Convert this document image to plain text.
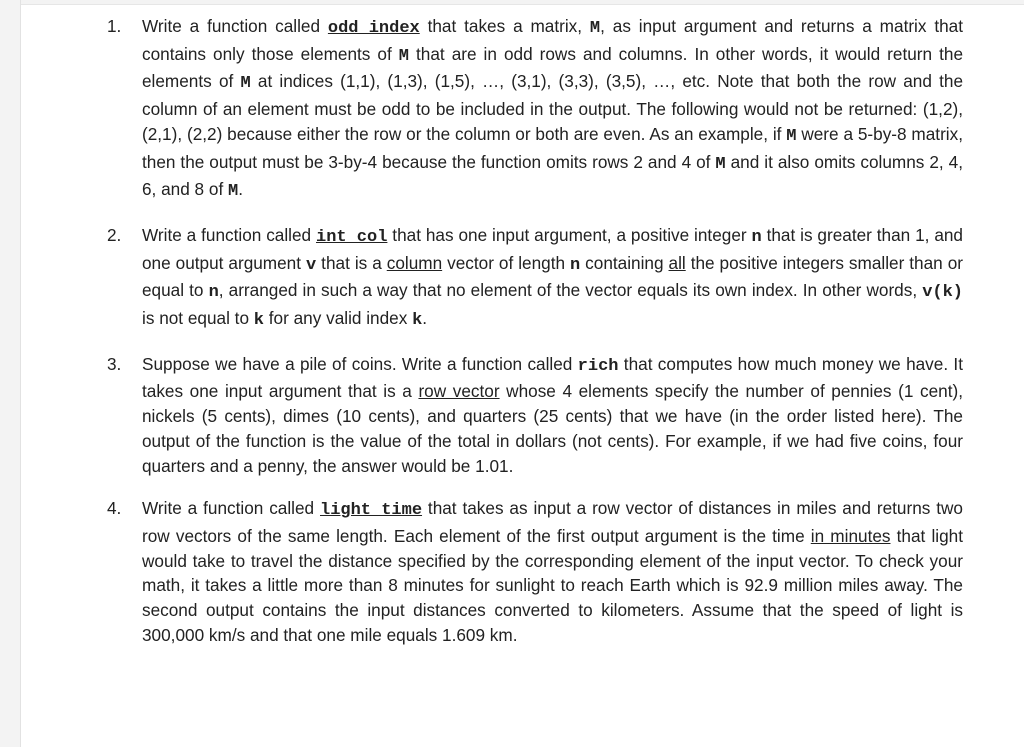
1. Write a function called odd_index that takes a matrix, M, as input argument and returns a matrix that contains only those elements of M that are in odd rows and columns. In other words, it would return the elements of M at indices (1,1), (1,3), (1,5), …, (3,1), (3,3), (3,5), …, etc. Note that both the row and the column of an element must be odd to be included in the output. The following would not be returned: (1,2), (2,1), (2,2) because either the row or the column or both are even. As an example, if M were a 5-by-8 matrix, then the output must be 3-by-4 because the function omits rows 2 and 4 of M and it also omits columns 2, 4, 6, and 8 of M.

2. Write a function called int_col that has one input argument, a positive integer n that is greater than 1, and one output argument v that is a column vector of length n containing all the positive integers smaller than or equal to n, arranged in such a way that no element of the vector equals its own index. In other words, v(k) is not equal to k for any valid index k.

3. Suppose we have a pile of coins. Write a function called rich that computes how much money we have. It takes one input argument that is a row vector whose 4 elements specify the number of pennies (1 cent), nickels (5 cents), dimes (10 cents), and quarters (25 cents) that we have (in the order listed here). The output of the function is the value of the total in dollars (not cents). For example, if we had five coins, four quarters and a penny, the answer would be 1.01.

4. Write a function called light_time that takes as input a row vector of distances in miles and returns two row vectors of the same length. Each element of the first output argument is the time in minutes that light would take to travel the distance specified by the corresponding element of the input vector. To check your math, it takes a little more than 8 minutes for sunlight to reach Earth which is 92.9 million miles away. The second output contains the input distances converted to kilometers. Assume that the speed of light is 300,000 km/s and that one mile equals 1.609 km.
